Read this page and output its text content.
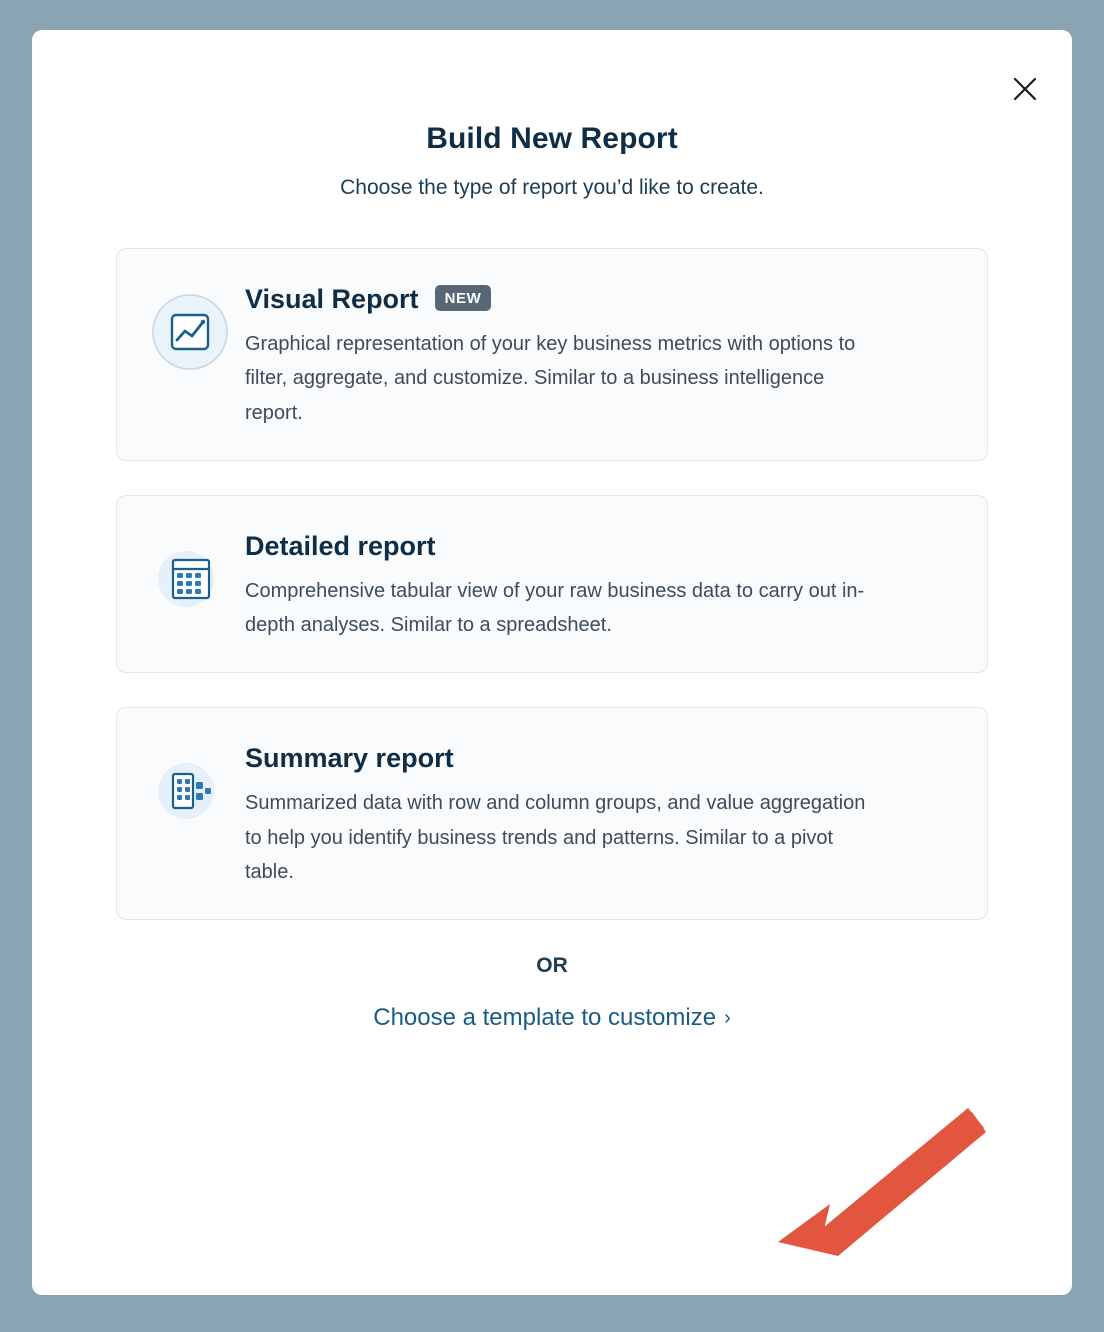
Build New Report

Choose the type of report you’d like to create.

Visual Report	NEW
Graphical representation of your key business metrics with options to filter, aggregate, and customize. Similar to a business intelligence report.
Detailed report
Comprehensive tabular view of your raw business data to carry out in-depth analyses. Similar to a spreadsheet.
Summary report
Summarized data with row and column groups, and value aggregation to help you identify business trends and patterns. Similar to a pivot table.
OR
Choose a template to customize ›
